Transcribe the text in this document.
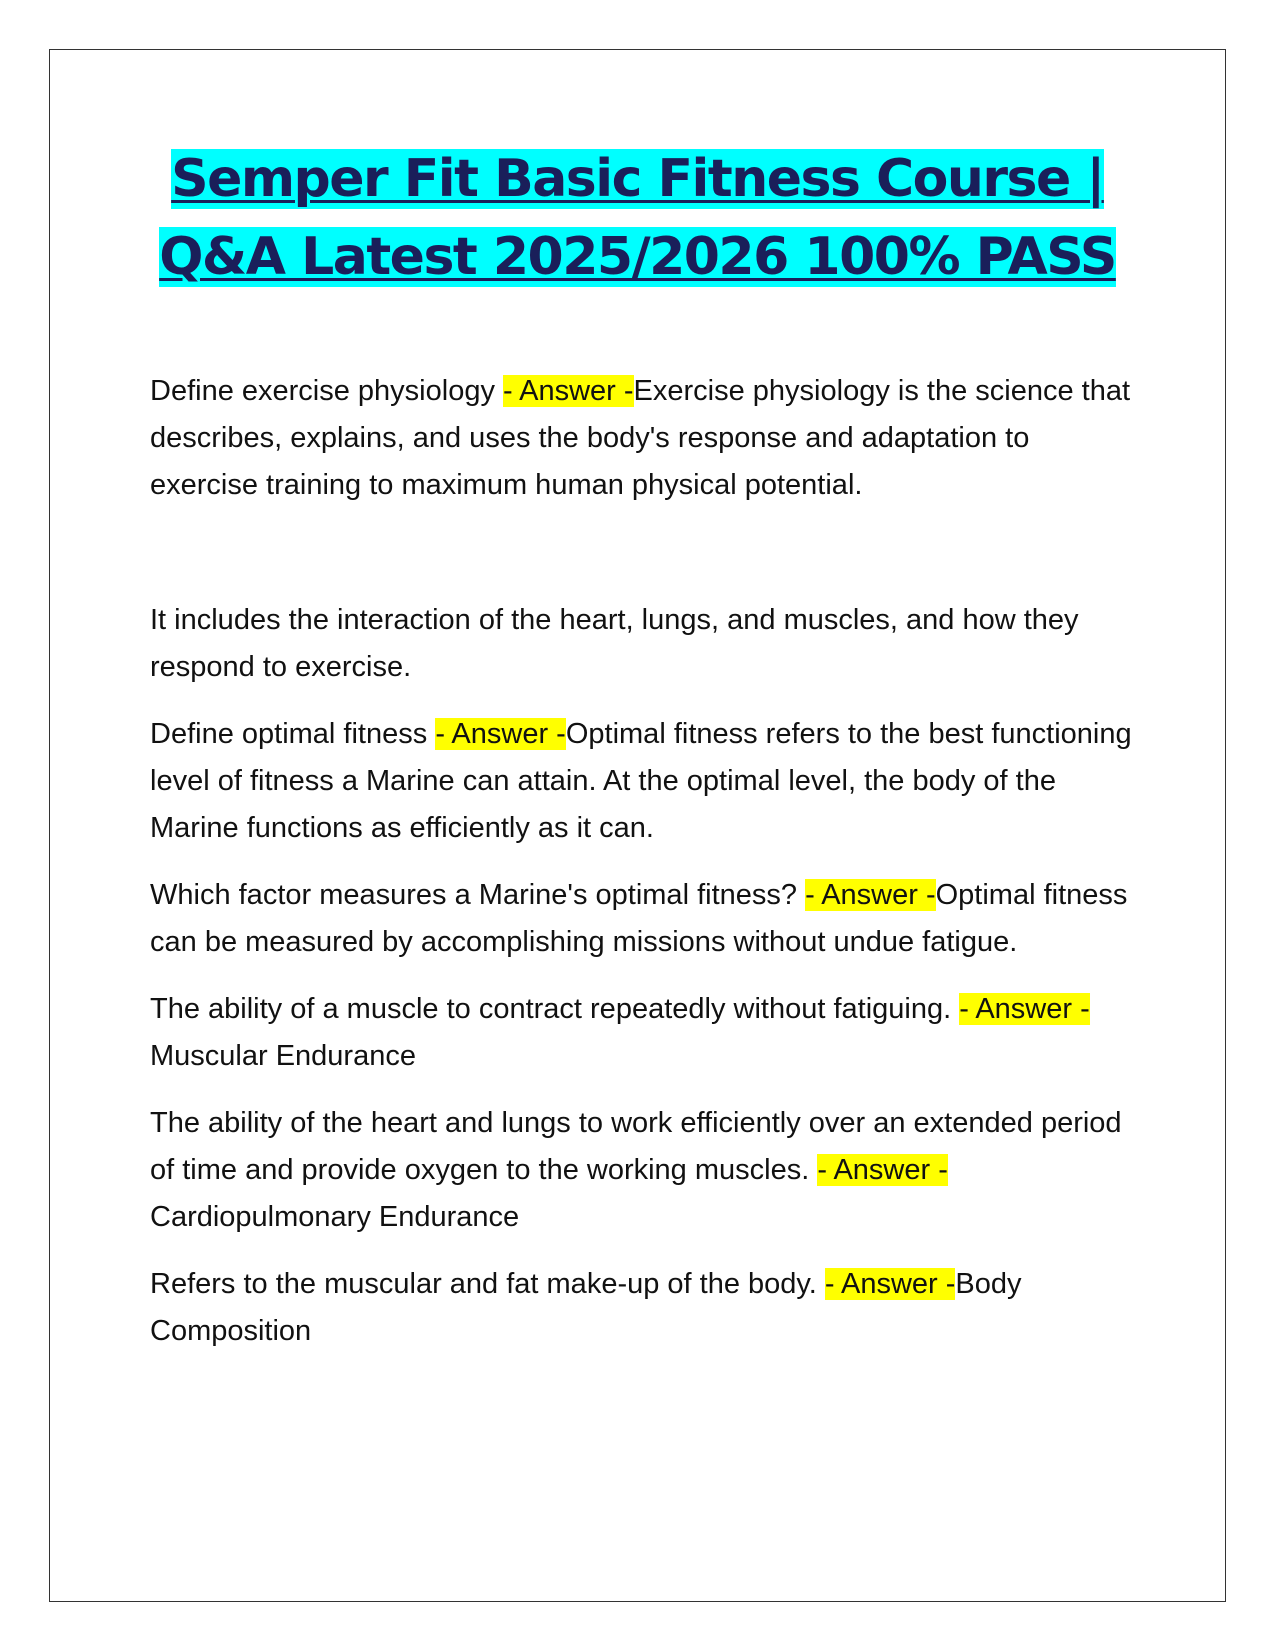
Semper Fit Basic Fitness Course |
Q&A Latest 2025/2026 100% PASS

Define exercise physiology - Answer -Exercise physiology is the science that describes, explains, and uses the body's response and adaptation to exercise training to maximum human physical potential.

It includes the interaction of the heart, lungs, and muscles, and how they respond to exercise.

Define optimal fitness - Answer -Optimal fitness refers to the best functioning level of fitness a Marine can attain. At the optimal level, the body of the Marine functions as efficiently as it can.

Which factor measures a Marine's optimal fitness? - Answer -Optimal fitness can be measured by accomplishing missions without undue fatigue.

The ability of a muscle to contract repeatedly without fatiguing. - Answer -Muscular Endurance

The ability of the heart and lungs to work efficiently over an extended period of time and provide oxygen to the working muscles. - Answer -Cardiopulmonary Endurance

Refers to the muscular and fat make-up of the body. - Answer -Body Composition
